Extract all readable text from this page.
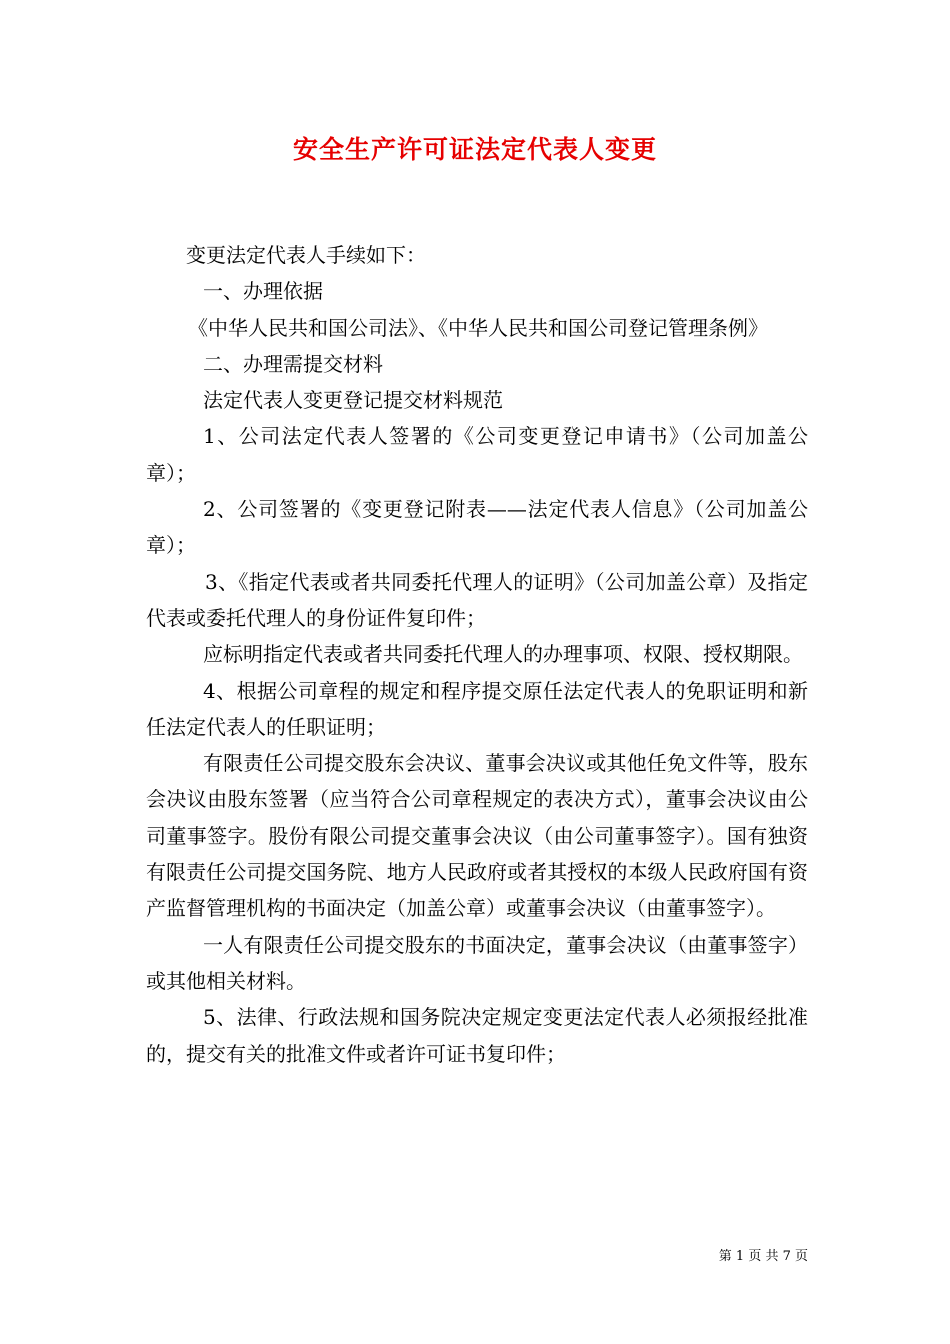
安全生产许可证法定代表人变更

变更法定代表人手续如下：

一、办理依据

《中华人民共和国公司法》、《中华人民共和国公司登记管理条例》

二、办理需提交材料

法定代表人变更登记提交材料规范

1、公司法定代表人签署的《公司变更登记申请书》（公司加盖公章）；

2、公司签署的《变更登记附表——法定代表人信息》（公司加盖公章）；

3、《指定代表或者共同委托代理人的证明》（公司加盖公章）及指定代表或委托代理人的身份证件复印件；

应标明指定代表或者共同委托代理人的办理事项、权限、授权期限。

4、根据公司章程的规定和程序提交原任法定代表人的免职证明和新任法定代表人的任职证明；

有限责任公司提交股东会决议、董事会决议或其他任免文件等，股东会决议由股东签署（应当符合公司章程规定的表决方式），董事会决议由公司董事签字。股份有限公司提交董事会决议（由公司董事签字）。国有独资有限责任公司提交国务院、地方人民政府或者其授权的本级人民政府国有资产监督管理机构的书面决定（加盖公章）或董事会决议（由董事签字）。

一人有限责任公司提交股东的书面决定，董事会决议（由董事签字）或其他相关材料。

5、法律、行政法规和国务院决定规定变更法定代表人必须报经批准的，提交有关的批准文件或者许可证书复印件；

第 1 页 共 7 页
